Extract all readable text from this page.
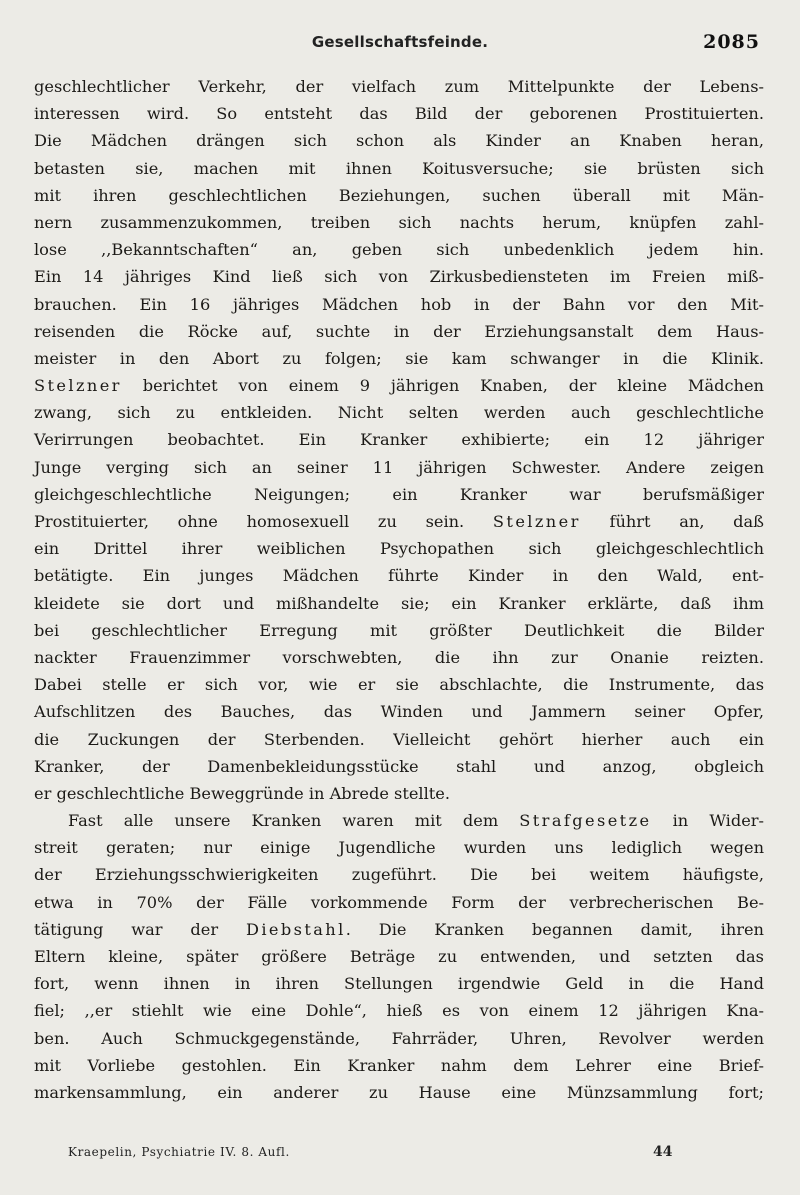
Gesellschaftsfeinde.	2085
geschlechtlicher Verkehr, der vielfach zum Mittelpunkte der Lebens-
interessen wird. So entsteht das Bild der geborenen Prostituierten.
Die Mädchen drängen sich schon als Kinder an Knaben heran,
betasten sie, machen mit ihnen Koitusversuche; sie brüsten sich
mit ihren geschlechtlichen Beziehungen, suchen überall mit Män-
nern zusammenzukommen, treiben sich nachts herum, knüpfen zahl-
lose ,,Bekanntschaften“ an, geben sich unbedenklich jedem hin.
Ein 14 jähriges Kind ließ sich von Zirkusbediensteten im Freien miß-
brauchen. Ein 16 jähriges Mädchen hob in der Bahn vor den Mit-
reisenden die Röcke auf, suchte in der Erziehungsanstalt dem Haus-
meister in den Abort zu folgen; sie kam schwanger in die Klinik.
Stelzner berichtet von einem 9 jährigen Knaben, der kleine Mädchen
zwang, sich zu entkleiden. Nicht selten werden auch geschlechtliche
Verirrungen beobachtet. Ein Kranker exhibierte; ein 12 jähriger
Junge verging sich an seiner 11 jährigen Schwester. Andere zeigen
gleichgeschlechtliche Neigungen; ein Kranker war berufsmäßiger
Prostituierter, ohne homosexuell zu sein. Stelzner führt an, daß
ein Drittel ihrer weiblichen Psychopathen sich gleichgeschlechtlich
betätigte. Ein junges Mädchen führte Kinder in den Wald, ent-
kleidete sie dort und mißhandelte sie; ein Kranker erklärte, daß ihm
bei geschlechtlicher Erregung mit größter Deutlichkeit die Bilder
nackter Frauenzimmer vorschwebten, die ihn zur Onanie reizten.
Dabei stelle er sich vor, wie er sie abschlachte, die Instrumente, das
Aufschlitzen des Bauches, das Winden und Jammern seiner Opfer,
die Zuckungen der Sterbenden. Vielleicht gehört hierher auch ein
Kranker, der Damenbekleidungsstücke stahl und anzog, obgleich
er geschlechtliche Beweggründe in Abrede stellte.
Fast alle unsere Kranken waren mit dem Strafgesetze in Wider-
streit geraten; nur einige Jugendliche wurden uns lediglich wegen
der Erziehungsschwierigkeiten zugeführt. Die bei weitem häufigste,
etwa in 70% der Fälle vorkommende Form der verbrecherischen Be-
tätigung war der Diebstahl. Die Kranken begannen damit, ihren
Eltern kleine, später größere Beträge zu entwenden, und setzten das
fort, wenn ihnen in ihren Stellungen irgendwie Geld in die Hand
fiel; ,,er stiehlt wie eine Dohle“, hieß es von einem 12 jährigen Kna-
ben. Auch Schmuckgegenstände, Fahrräder, Uhren, Revolver werden
mit Vorliebe gestohlen. Ein Kranker nahm dem Lehrer eine Brief-
markensammlung, ein anderer zu Hause eine Münzsammlung fort;
Kraepelin, Psychiatrie IV. 8. Aufl.	44
